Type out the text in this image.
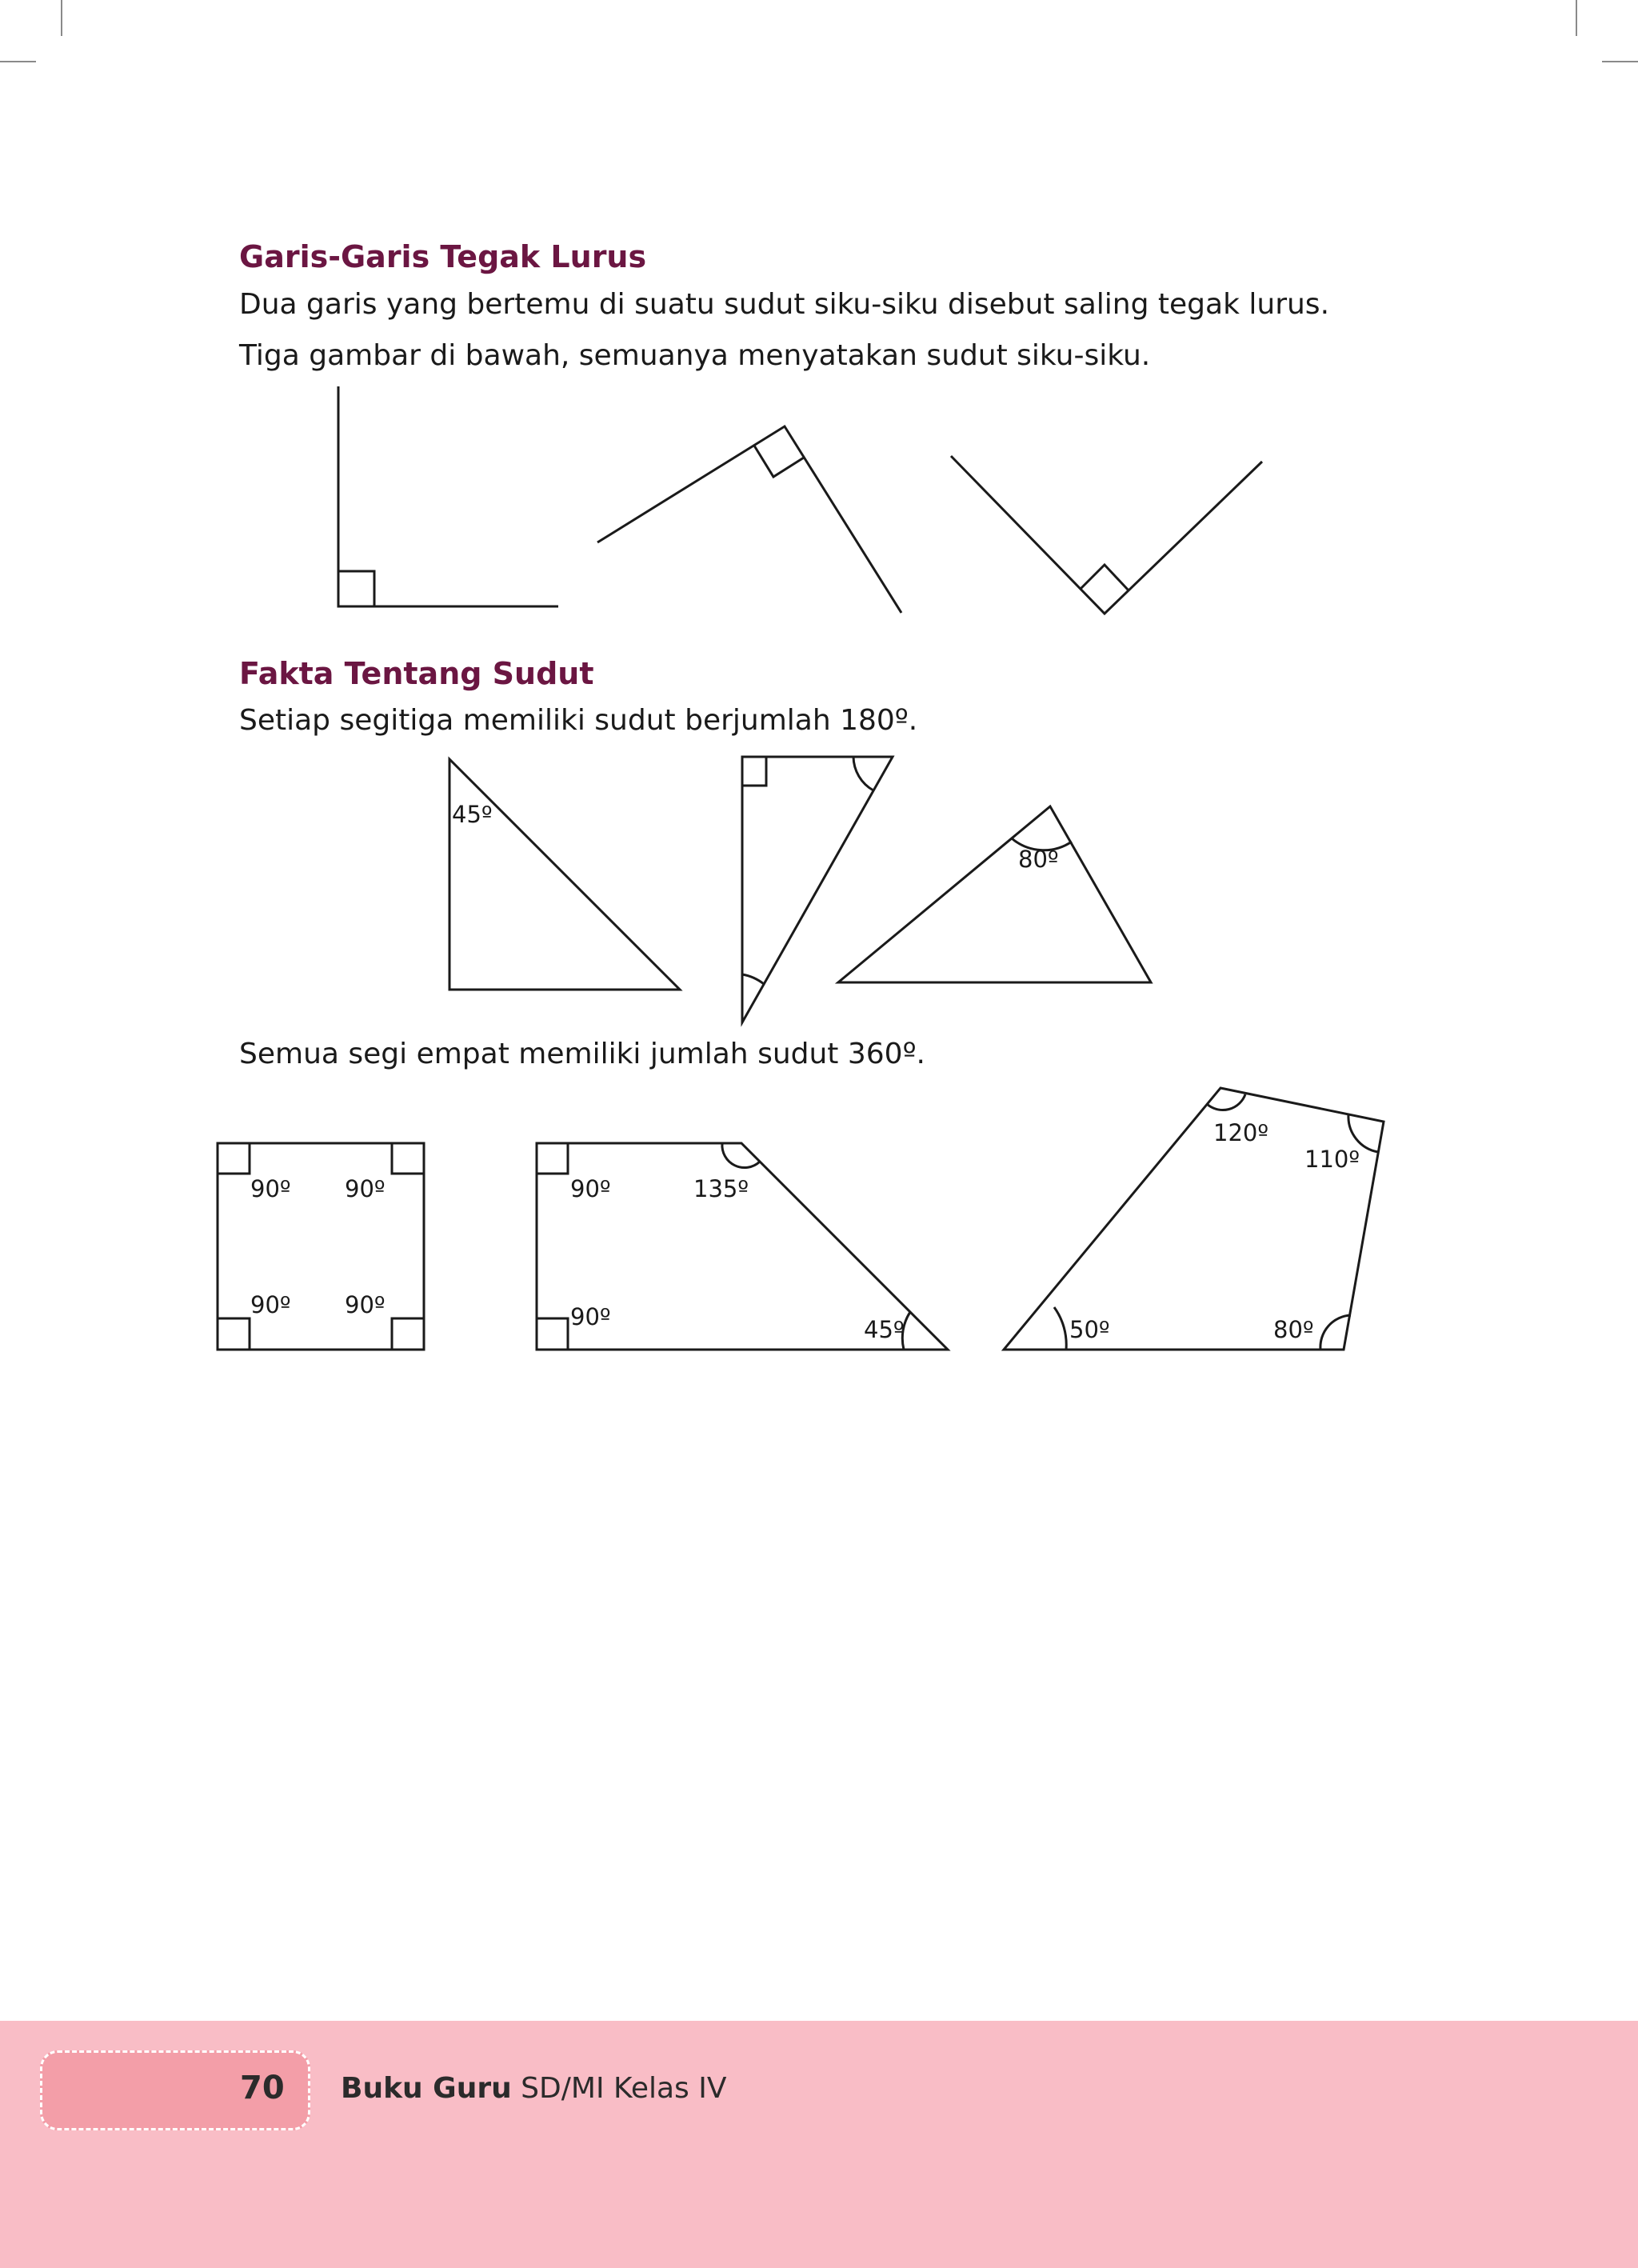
Garis-Garis Tegak Lurus

Dua garis yang bertemu di suatu sudut siku-siku disebut saling tegak lurus.

Tiga gambar di bawah, semuanya menyatakan sudut siku-siku.

Fakta Tentang Sudut

Setiap segitiga memiliki sudut berjumlah 180º.

Semua segi empat memiliki jumlah sudut 360º.

45º
80º
90º 90º
90º 90º
90º	135º
90º	45º
120º
110º
50º	80º

70 Buku Guru SD/MI Kelas IV
